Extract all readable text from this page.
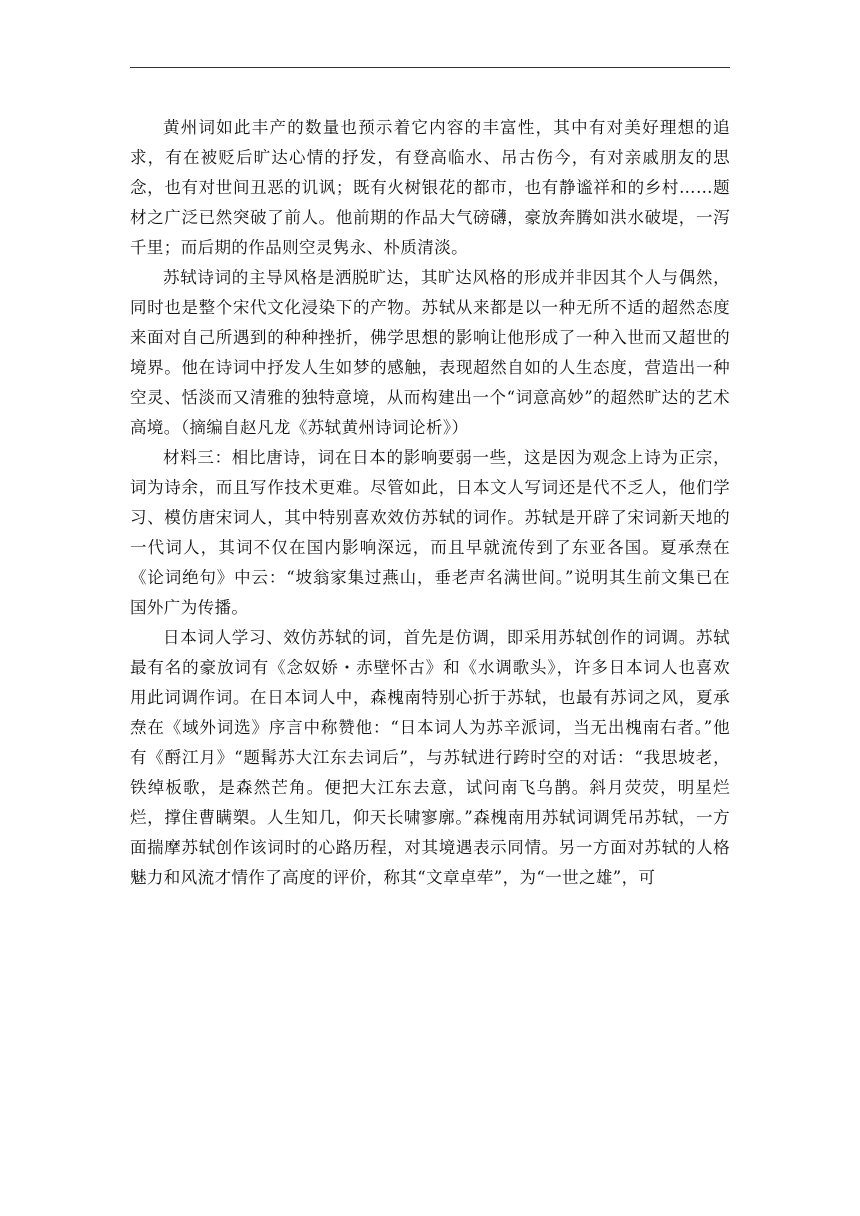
黄州词如此丰产的数量也预示着它内容的丰富性，其中有对美好理想的追求，有在被贬后旷达心情的抒发，有登高临水、吊古伤今，有对亲戚朋友的思念，也有对世间丑恶的讥讽；既有火树银花的都市，也有静谧祥和的乡村……题材之广泛已然突破了前人。他前期的作品大气磅礴，豪放奔腾如洪水破堤，一泻千里；而后期的作品则空灵隽永、朴质清淡。

苏轼诗词的主导风格是洒脱旷达，其旷达风格的形成并非因其个人与偶然，同时也是整个宋代文化浸染下的产物。苏轼从来都是以一种无所不适的超然态度来面对自己所遇到的种种挫折，佛学思想的影响让他形成了一种入世而又超世的境界。他在诗词中抒发人生如梦的感触，表现超然自如的人生态度，营造出一种空灵、恬淡而又清雅的独特意境，从而构建出一个“词意高妙”的超然旷达的艺术高境。（摘编自赵凡龙《苏轼黄州诗词论析》）

材料三：相比唐诗，词在日本的影响要弱一些，这是因为观念上诗为正宗，词为诗余，而且写作技术更难。尽管如此，日本文人写词还是代不乏人，他们学习、模仿唐宋词人，其中特别喜欢效仿苏轼的词作。苏轼是开辟了宋词新天地的一代词人，其词不仅在国内影响深远，而且早就流传到了东亚各国。夏承焘在《论词绝句》中云：“坡翁家集过燕山，垂老声名满世间。”说明其生前文集已在国外广为传播。

日本词人学习、效仿苏轼的词，首先是仿调，即采用苏轼创作的词调。苏轼最有名的豪放词有《念奴娇・赤壁怀古》和《水调歌头》，许多日本词人也喜欢用此词调作词。在日本词人中，森槐南特别心折于苏轼，也最有苏词之风，夏承焘在《域外词选》序言中称赞他：“日本词人为苏辛派词，当无出槐南右者。”他有《酹江月》“题髯苏大江东去词后”，与苏轼进行跨时空的对话：“我思坡老，铁绰板歌，是森然芒角。便把大江东去意，试问南飞乌鹊。斜月荧荧，明星烂烂，撑住曹瞒槊。人生知几，仰天长啸寥廓。”森槐南用苏轼词调凭吊苏轼，一方面揣摩苏轼创作该词时的心路历程，对其境遇表示同情。另一方面对苏轼的人格魅力和风流才情作了高度的评价，称其“文章卓荦”，为“一世之雄”，可
